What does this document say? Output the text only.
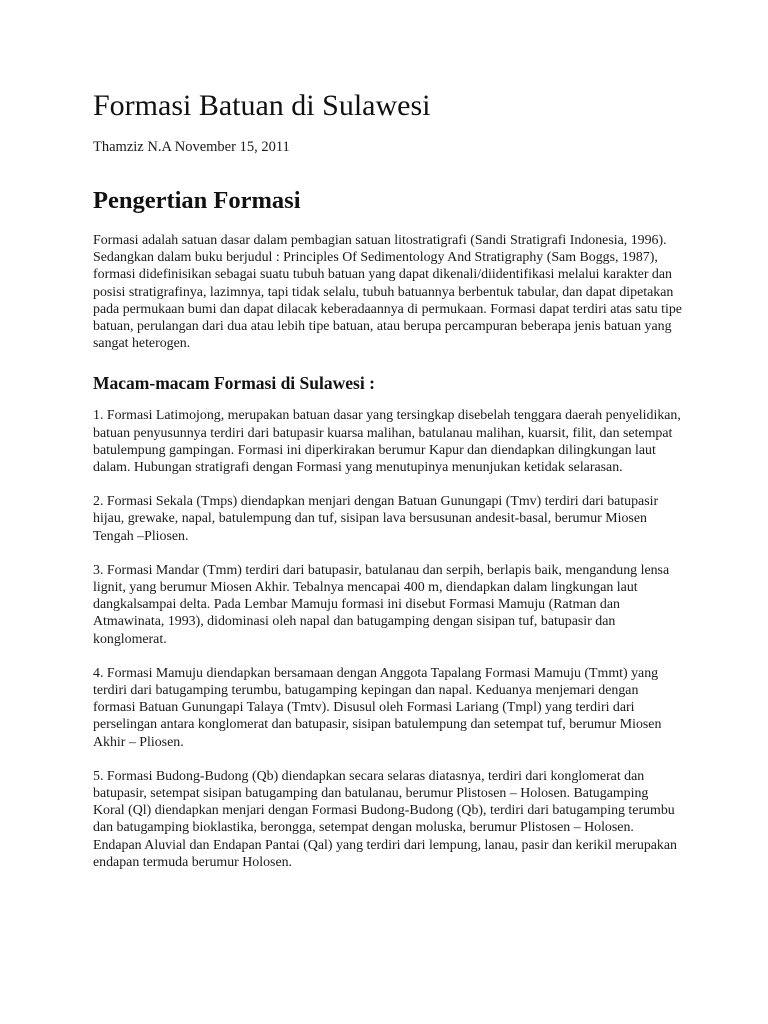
Formasi Batuan di Sulawesi

Thamziz N.A November 15, 2011

Pengertian Formasi

Formasi adalah satuan dasar dalam pembagian satuan litostratigrafi (Sandi Stratigrafi Indonesia, 1996). Sedangkan dalam buku berjudul : Principles Of Sedimentology And Stratigraphy (Sam Boggs, 1987), formasi didefinisikan sebagai suatu tubuh batuan yang dapat dikenali/diidentifikasi melalui karakter dan posisi stratigrafinya, lazimnya, tapi tidak selalu, tubuh batuannya berbentuk tabular, dan dapat dipetakan pada permukaan bumi dan dapat dilacak keberadaannya di permukaan. Formasi dapat terdiri atas satu tipe batuan, perulangan dari dua atau lebih tipe batuan, atau berupa percampuran beberapa jenis batuan yang sangat heterogen.

Macam-macam Formasi di Sulawesi :

1. Formasi Latimojong, merupakan batuan dasar yang tersingkap disebelah tenggara daerah penyelidikan, batuan penyusunnya terdiri dari batupasir kuarsa malihan, batulanau malihan, kuarsit, filit, dan setempat batulempung gampingan. Formasi ini diperkirakan berumur Kapur dan diendapkan dilingkungan laut dalam. Hubungan stratigrafi dengan Formasi yang menutupinya menunjukan ketidak selarasan.

2. Formasi Sekala (Tmps) diendapkan menjari dengan Batuan Gunungapi (Tmv) terdiri dari batupasir hijau, grewake, napal, batulempung dan tuf, sisipan lava bersusunan andesit-basal, berumur Miosen Tengah –Pliosen.

3. Formasi Mandar (Tmm) terdiri dari batupasir, batulanau dan serpih, berlapis baik, mengandung lensa lignit, yang berumur Miosen Akhir. Tebalnya mencapai 400 m, diendapkan dalam lingkungan laut dangkalsampai delta. Pada Lembar Mamuju formasi ini disebut Formasi Mamuju (Ratman dan Atmawinata, 1993), didominasi oleh napal dan batugamping dengan sisipan tuf, batupasir dan konglomerat.

4. Formasi Mamuju diendapkan bersamaan dengan Anggota Tapalang Formasi Mamuju (Tmmt) yang terdiri dari batugamping terumbu, batugamping kepingan dan napal. Keduanya menjemari dengan formasi Batuan Gunungapi Talaya (Tmtv). Disusul oleh Formasi Lariang (Tmpl) yang terdiri dari perselingan antara konglomerat dan batupasir, sisipan batulempung dan setempat tuf, berumur Miosen Akhir – Pliosen.

5. Formasi Budong-Budong (Qb) diendapkan secara selaras diatasnya, terdiri dari konglomerat dan batupasir, setempat sisipan batugamping dan batulanau, berumur Plistosen – Holosen. Batugamping Koral (Ql) diendapkan menjari dengan Formasi Budong-Budong (Qb), terdiri dari batugamping terumbu dan batugamping bioklastika, berongga, setempat dengan moluska, berumur Plistosen – Holosen. Endapan Aluvial dan Endapan Pantai (Qal) yang terdiri dari lempung, lanau, pasir dan kerikil merupakan endapan termuda berumur Holosen.
